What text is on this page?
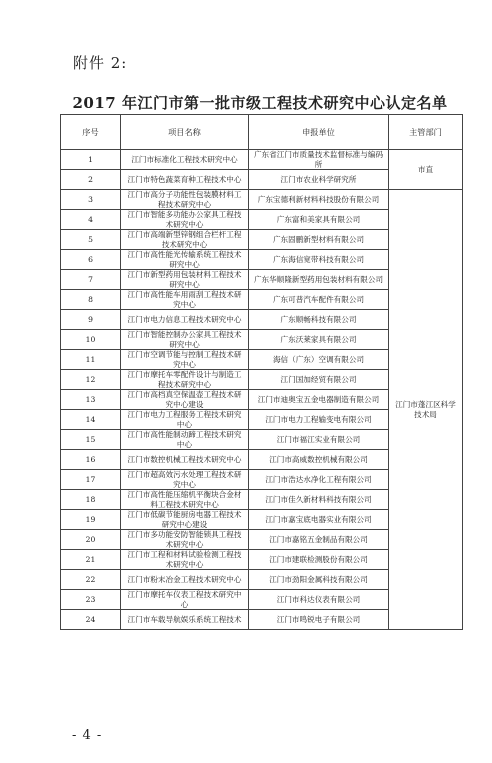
附件 2:
2017 年江门市第一批市级工程技术研究中心认定名单
序号	项目名称	申报单位	主管部门
1	江门市标准化工程技术研究中心	广东省江门市质量技术监督标准与编码所	市直
2	江门市特色蔬菜育种工程技术中心	江门市农业科学研究所	
3	江门市高分子功能性包装膜材料工程技术研究中心	广东宝德利新材料科技股份有限公司	江门市蓬江区科学技术局
4	江门市智能多功能办公家具工程技术研究中心	广东富和美家具有限公司	
5	江门市高端新型锌钢组合栏杆工程技术研究中心	广东固鹏新型材料有限公司	
6	江门市高性能光传输系统工程技术研究中心	广东海信宽带科技有限公司	
7	江门市新型药用包装材料工程技术研究中心	广东华顺隆新型药用包装材料有限公司	
8	江门市高性能车用雨刮工程技术研究中心	广东可普汽车配件有限公司	
9	江门市电力信息工程技术研究中心	广东顺畅科技有限公司	
10	江门市智能控制办公家具工程技术研究中心	广东沃莱家具有限公司	
11	江门市空调节能与控制工程技术研究中心	海信（广东）空调有限公司	
12	江门市摩托车零配件设计与制造工程技术研究中心	江门国加经贸有限公司	
13	江门市高档真空保温壶工程技术研究中心建设	江门市迪奥宝五金电器制造有限公司	
14	江门市电力工程服务工程技术研究中心	江门市电力工程输变电有限公司	
15	江门市高性能制动蹄工程技术研究中心	江门市福江实业有限公司	
16	江门市数控机械工程技术研究中心	江门市高威数控机械有限公司	
17	江门市超高效污水处理工程技术研究中心	江门市浩达水净化工程有限公司	
18	江门市高性能压缩机平衡块合金材料工程技术研究中心	江门市佳久新材料科技有限公司	
19	江门市低碳节能厨房电器工程技术研究中心建设	江门市嘉宝底电器实业有限公司	
20	江门市多功能安防智能锁具工程技术研究中心	江门市嘉铭五金制品有限公司	
21	江门市工程和材料试验检测工程技术研究中心	江门市建联检测股份有限公司	
22	江门市粉末冶金工程技术研究中心	江门市劲阳金属科技有限公司	
23	江门市摩托车仪表工程技术研究中心	江门市科达仪表有限公司	
24	江门市车载导航娱乐系统工程技术	江门市鸣锐电子有限公司	
- 4 -
